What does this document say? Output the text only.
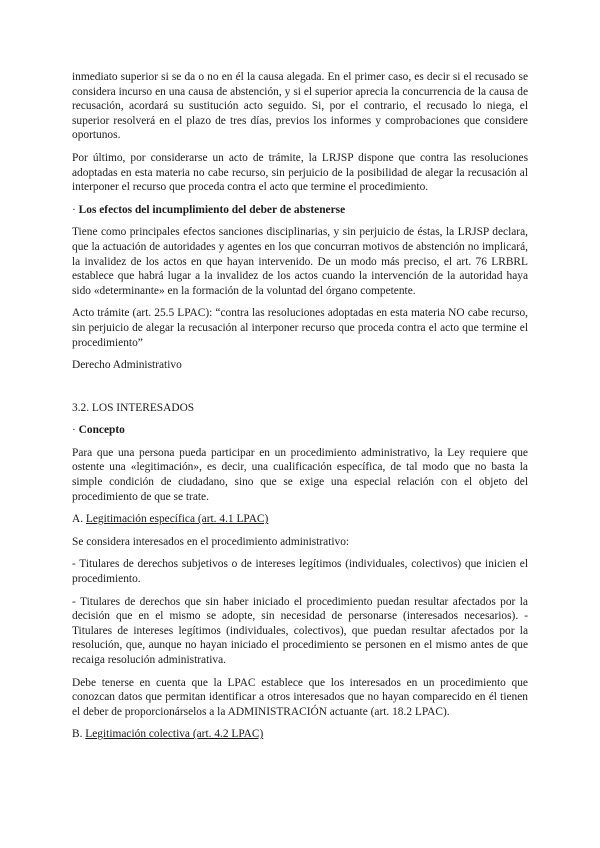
inmediato superior si se da o no en él la causa alegada. En el primer caso, es decir si el recusado se considera incurso en una causa de abstención, y si el superior aprecia la concurrencia de la causa de recusación, acordará su sustitución acto seguido. Si, por el contrario, el recusado lo niega, el superior resolverá en el plazo de tres días, previos los informes y comprobaciones que considere oportunos.

Por último, por considerarse un acto de trámite, la LRJSP dispone que contra las resoluciones adoptadas en esta materia no cabe recurso, sin perjuicio de la posibilidad de alegar la recusación al interponer el recurso que proceda contra el acto que termine el procedimiento.

· Los efectos del incumplimiento del deber de abstenerse

Tiene como principales efectos sanciones disciplinarias, y sin perjuicio de éstas, la LRJSP declara, que la actuación de autoridades y agentes en los que concurran motivos de abstención no implicará, la invalidez de los actos en que hayan intervenido. De un modo más preciso, el art. 76 LRBRL establece que habrá lugar a la invalidez de los actos cuando la intervención de la autoridad haya sido «determinante» en la formación de la voluntad del órgano competente.

Acto trámite (art. 25.5 LPAC): “contra las resoluciones adoptadas en esta materia NO cabe recurso, sin perjuicio de alegar la recusación al interponer recurso que proceda contra el acto que termine el procedimiento”

Derecho Administrativo

3.2. LOS INTERESADOS
· Concepto

Para que una persona pueda participar en un procedimiento administrativo, la Ley requiere que ostente una «legitimación», es decir, una cualificación específica, de tal modo que no basta la simple condición de ciudadano, sino que se exige una especial relación con el objeto del procedimiento de que se trate.

A. Legitimación específica (art. 4.1 LPAC)

Se considera interesados en el procedimiento administrativo:

- Titulares de derechos subjetivos o de intereses legítimos (individuales, colectivos) que inicien el procedimiento.

- Titulares de derechos que sin haber iniciado el procedimiento puedan resultar afectados por la decisión que en el mismo se adopte, sin necesidad de personarse (interesados necesarios). - Titulares de intereses legítimos (individuales, colectivos), que puedan resultar afectados por la resolución, que, aunque no hayan iniciado el procedimiento se personen en el mismo antes de que recaiga resolución administrativa.

Debe tenerse en cuenta que la LPAC establece que los interesados en un procedimiento que conozcan datos que permitan identificar a otros interesados que no hayan comparecido en él tienen el deber de proporcionárselos a la ADMINISTRACIÓN actuante (art. 18.2 LPAC).

B. Legitimación colectiva (art. 4.2 LPAC)
